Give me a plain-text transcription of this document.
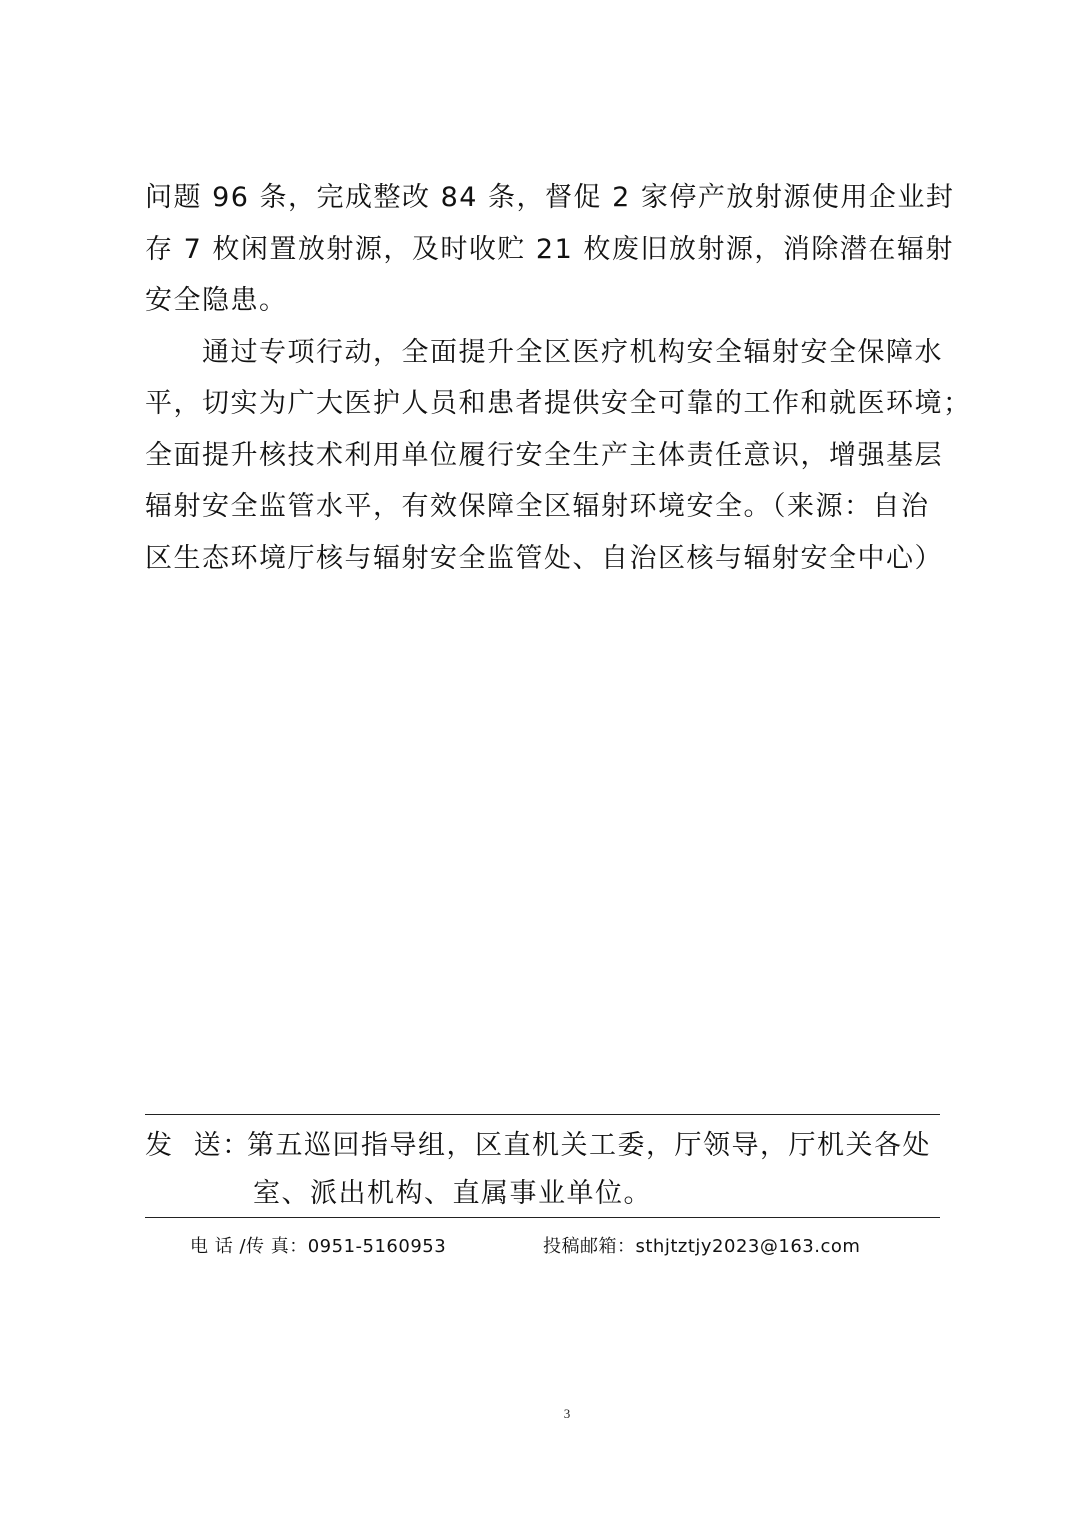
问题 96 条，完成整改 84 条，督促 2 家停产放射源使用企业封
存 7 枚闲置放射源，及时收贮 21 枚废旧放射源，消除潜在辐射
安全隐患。
通过专项行动，全面提升全区医疗机构安全辐射安全保障水
平，切实为广大医护人员和患者提供安全可靠的工作和就医环境；
全面提升核技术利用单位履行安全生产主体责任意识，增强基层
辐射安全监管水平，有效保障全区辐射环境安全。（来源：自治
区生态环境厅核与辐射安全监管处、自治区核与辐射安全中心）
发  送：第五巡回指导组，区直机关工委，厅领导，厅机关各处
室、派出机构、直属事业单位。
电 话 /传 真：0951-5160953	投稿邮箱：sthjtztjy2023@163.com
3
